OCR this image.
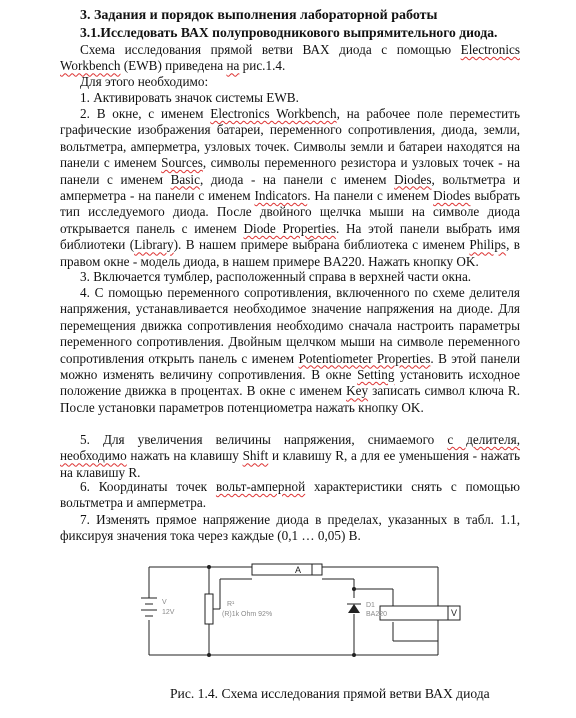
3. Задания и порядок выполнения лабораторной работы
3.1.Исследовать ВАХ полупроводникового выпрямительного диода.
Схема исследования прямой ветви ВАХ диода с помощью Electronics Workbench (EWB) приведена на рис.1.4.
Для этого необходимо:
1. Активировать значок системы EWB.
2. В окне, с именем Electronics Workbench, на рабочее поле переместить графические изображения батареи, переменного сопротивления, диода, земли, вольтметра, амперметра, узловых точек. Символы земли и батареи находятся на панели с именем Sources, символы переменного резистора и узловых точек - на панели с именем Basic, диода - на панели с именем Diodes, вольтметра и амперметра - на панели с именем Indicators. На панели с именем Diodes выбрать тип исследуемого диода. После двойного щелчка мыши на символе диода открывается панель с именем Diode Properties. На этой панели выбрать имя библиотеки (Library). В нашем примере выбрана библиотека с именем Philips, в правом окне - модель диода, в нашем примере BA220. Нажать кнопку OK.
3. Включается тумблер, расположенный справа в верхней части окна.
4. С помощью переменного сопротивления, включенного по схеме делителя напряжения, устанавливается необходимое значение напряжения на диоде. Для перемещения движка сопротивления необходимо сначала настроить параметры переменного сопротивления. Двойным щелчком мыши на символе переменного сопротивления открыть панель с именем Potentiometer Properties. В этой панели можно изменять величину сопротивления. В окне Setting установить исходное положение движка в процентах. В окне с именем Key записать символ ключа R. После установки параметров потенциометра нажать кнопку OK.
5. Для увеличения величины напряжения, снимаемого с делителя, необходимо нажать на клавишу Shift и клавишу R, а для ее уменьшения - нажать на клавишу R.
6. Координаты точек вольт-амперной характеристики снять с помощью вольтметра и амперметра.
7. Изменять прямое напряжение диода в пределах, указанных в табл. 1.1, фиксируя значения тока через каждые (0,1 … 0,05) В.
A
V
V
12V
R¹
(R)1k Ohm 92%
D1
BA220
Рис. 1.4. Схема исследования прямой ветви ВАХ диода
